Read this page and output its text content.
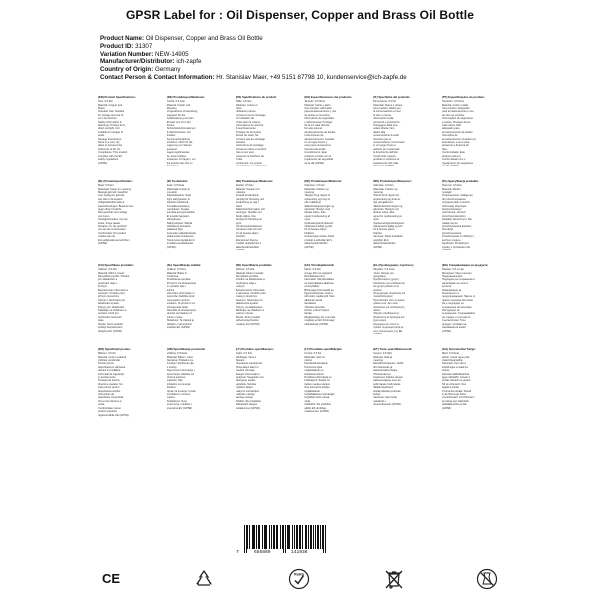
GPSR Label for : Oil Dispenser, Copper and Brass Oil Bottle
Product Name: Oil Dispenser, Copper and Brass Oil Bottle
Product ID: 31307
Variation Number: NEW-14905
Manufacturer/Distributor: ich-zapfe
Country of Origin: Germany
Contact Person & Contact Information: Hr. Stanislav Maer, +49 5151 87798 10, kundenservice@ich-zapfe.de
(EN) Product Specifications:
Size: 0.5 liter
Material: Copper and
Brass
Intended Use: Suitable
for storage and use of
oil in the kitchen.
Safety Information &
Warnings: Product from
direct sunlight. Not
suitable for storage of
acids.
Storage Instructions:
Store in a cool, dry
place to preserve the
freshness of the oil.
Compliance: This product
complies with the EU
safety regulations
(GPSR).
(DE) Produktspezifikationen:
Größe: 0,5 Liter
Material: Kupfer und
Messing
Vorgesehene Verwendung:
Geeignet für die
Aufbewahrung und den
Einsatz von Öl in der
Küche.
Sicherheitsinformationen
& Warnhinweise: Vor
direkter
Sonneneinstrahlung
schützen. Nicht für die
Lagerung von Säuren
geeignet.
Lagerungshinweise:
An einem kühlen,
trockenen Ort lagern, um
die Frische des Öls zu
(FR) Spécifications du produit:
Taille: 0,5 litre
Matériau: Cuivre et
laiton
Utilisation prévue:
Convient pour le stockage
et l'utilisation de
l'huile dans la cuisine.
Informations de sécurité
& avertissements:
Protéger de la lumière
directe du soleil. Ne
convient pas au stockage
d'acides.
Instructions de stockage:
Conserver dans un endroit
frais et sec pour
préserver la fraîcheur de
l'huile.
Conformité: Ce produit
(ES) Especificaciones del producto:
Tamaño: 0,5 litros
Material: Cobre y latón
Uso previsto: Adecuado
para almacenamiento y uso
de aceite en la cocina.
Información de seguridad
y advertencias: Proteger
de la luz solar directa.
No apto para el
almacenamiento de ácidos.
Instrucciones de
almacenamiento: Guardar
en un lugar fresco y
seco para conservar la
frescura del aceite.
Cumplimiento: Este
producto cumple con el
reglamento de seguridad
de la UE (GPSR).
(IT) Specifiche del prodotto:
Dimensione: 0,5 litri
Materiale: Rame e ottone
Uso previsto: Adatto per
la conservazione e l'uso
di olio in cucina.
Informazioni sulla
sicurezza e avvertenze:
Proteggere dalla luce
solare diretta. Non
adatto alla
conservazione di acidi.
Istruzioni per la
conservazione: Conservare
in un luogo fresco e
asciutto per preservare
la freschezza dell'olio.
Conformità: Questo
prodotto è conforme al
regolamento UE sulla
(PT) Especificações do produto:
Tamanho: 0,5 litros
Material: Cobre e latão
Uso previsto: Adequado
para armazenamento e uso
de óleo na cozinha.
Informações de segurança
e avisos: Proteger da luz
solar direta. Não
adequado para
armazenamento de ácidos.
Instruções de
armazenamento: Guardar em
local fresco e seco para
preservar a frescura do
óleo.
Conformidade: Este
produto está em
conformidade com o
regulamento de segurança
(NL) Productspecificaties:
Maat: 0,5 liter
Materiaal: Koper en messing
Beoogd gebruik: Geschikt
voor opslag en gebruik
van olie in de keuken.
Veiligheidsinformatie &
waarschuwingen: Beschermen
tegen direct zonlicht.
Niet geschikt voor opslag
van zuren.
Opslaginstructies: Op een
koele, droge plaats
bewaren om de versheid
van de olie te behouden.
Conformiteit: Dit product
voldoet aan de
EU-veiligheidsvoorschriften
(GPSR).
(FI) Tuotetiedot:
Koko: 0,5 litraa
Materiaali: Kupari ja
messinki
Käyttötarkoitus: Sopii
öljyn säilytykseen ja
käyttöön keittiössä.
Turvallisuustiedot ja
varoitukset: Suojaa
suoralta auringonvalolta.
Ei sovellu happojen
säilytykseen.
Säilytysohjeet: Säilytä
viileässä ja kuivassa
paikassa öljyn
tuoreuden säilyttämiseksi.
Vaatimustenmukaisuus:
Tämä tuote täyttää EU:n
turvallisuusmääräykset
(GPSR).
(SE) Produktspecifikationer:
Storlek: 0,5 liter
Material: Koppar och
mässing
Avsedd användning:
Lämplig för förvaring och
användning av olja i
köket.
Säkerhetsinformation och
varningar: Skydda mot
direkt solljus. Inte
lämplig för förvaring av
syror.
Förvaringsinstruktioner:
Förvaras svalt och torrt
för att bevara oljans
fräschör.
Efterlevnad: Denna
produkt uppfyller EU:s
säkerhetsföreskrifter
(DK) Produktspecifikationer:
Størrelse: 0,5 liter
Materiale: Kobber og
messing
Tilsigtet brug: Egnet til
opbevaring og brug af
olie i køkkenet.
Sikkerhedsoplysninger og
advarsler: Beskyt mod
direkte sollys. Ikke
egnet til opbevaring af
syrer.
Opbevaringsinstruktioner:
Opbevares køligt og tørt
for at bevare oliens
friskhed.
Overensstemmelse: Dette
produkt overholder EU's
sikkerhedsforskrifter
(GPSR).
(NO) Produktspesifikasjoner:
Størrelse: 0,5 liter
Materiale: Kobber og
messing
Tiltenkt bruk: Egnet for
oppbevaring og bruk av
olje på kjøkkenet.
Sikkerhetsinformasjon og
advarsler: Beskytt mot
direkte sollys. Ikke
egnet for oppbevaring av
syrer.
Oppbevaringsinstruksjoner:
Oppbevares kjølig og tørt
for å bevare oljens
friskhet.
Samsvar: Dette produktet
oppfyller EUs
sikkerhetsforskrifter
(GPSR).
(PL) Specyfikacja produktu:
Rozmiar: 0,5 litra
Materiał: Miedź i
mosiądz
Przeznaczenie: Nadaje się
do przechowywania i
używania oleju w kuchni.
Informacje dotyczące
bezpieczeństwa i
ostrzeżenia: Chronić
przed bezpośrednim
światłem słonecznym. Nie
nadaje się do
przechowywania kwasów.
Instrukcje
przechowywania:
Przechowywać w chłodnym,
suchym miejscu.
Zgodność: Produkt jest
zgodny z przepisami UE
(CS) Specifikace produktu:
Velikost: 0,5 litru
Materiál: Měď a mosaz
Zamýšlené použití: Vhodné
pro skladování a
používání oleje v
kuchyni.
Bezpečnostní informace a
varování: Chraňte před
přímým slunečním
zářením. Nevhodné pro
skladování kyselin.
Pokyny pro skladování:
Skladujte na chladném a
suchém místě pro
zachování čerstvosti
oleje.
Shoda: Tento produkt
splňuje bezpečnostní
předpisy EU (GPSR).
(SL) Specifikacije izdelka:
Velikost: 0,5 litra
Material: Baker in
medenina
Predvidena uporaba:
Primerno za shranjevanje
in uporabo olja v
kuhinji.
Varnostne informacije in
opozorila: Zaščitite pred
neposredno sončno
svetlobo. Ni primerno za
shranjevanje kislin.
Navodila za shranjevanje:
Hranite na hladnem in
suhem mestu.
Skladnost: Ta izdelek je
skladen z varnostnimi
predpisi EU (GPSR).
(SK) Špecifikácia produktu:
Veľkosť: 0,5 litra
Materiál: Meď a mosadz
Zamýšľané použitie:
Vhodné na skladovanie a
používanie oleja v
kuchyni.
Bezpečnostné informácie
a varovania: Chráňte pred
priamym slnečným
žiarením. Nevhodné na
skladovanie kyselín.
Pokyny na skladovanie:
Skladujte na chladnom a
suchom mieste.
Zhoda: Tento produkt
spĺňa bezpečnostné
predpisy EÚ (GPSR).
(HU) Termékjellemzők:
Méret: 0,5 liter
Anyag: Réz és sárgaréz
Rendeltetésszerű
használat: Olaj tárolására
és használatára alkalmas
a konyhában.
Biztonsági információk és
figyelmeztetések: Óvja a
közvetlen napfénytől. Nem
alkalmas savak
tárolására.
Tárolási útmutató:
Hűvös, száraz helyen
tárolja.
Megfelelőség: Ez a termék
megfelel az EU biztonsági
előírásainak (GPSR).
(EL) Προδιαγραφές προϊόντος:
Μέγεθος: 0,5 λίτρα
Υλικό: Χαλκός και
ορείχαλκος
Προβλεπόμενη χρήση:
Κατάλληλο για αποθήκευση
και χρήση λαδιού στην
κουζίνα.
Πληροφορίες ασφαλείας και
προειδοποιήσεις:
Προστατέψτε από το άμεσο
ηλιακό φως. Δεν είναι
κατάλληλο για αποθήκευση
οξέων.
Οδηγίες αποθήκευσης:
Φυλάσσετε σε δροσερό και
ξηρό μέρος.
Συμμόρφωση: Αυτό το
προϊόν συμμορφώνεται με
τους κανονισμούς της ΕΕ
(BG) Спецификации на продукта:
Размер: 0,5 литра
Материал: Мед и месинг
Предназначение:
Подходящ за съхранение и
използване на олио в
кухнята.
Информация за
безопасност и
предупреждения: Пазете от
пряка слънчева светлина.
Не е подходящ за
съхранение на киселини.
Инструкции за
съхранение: Съхранявайте
на хладно и сухо място.
Съответствие: Този
продукт отговаря на
изискванията на ЕС
(GPSR).
(RO) Specificații produs:
Mărime: 0,5 litri
Material: Cupru și alamă
Utilizare prevăzută:
Potrivit pentru
depozitarea și utilizarea
uleiului în bucătărie.
Informații de siguranță
și avertismente:
Protejați de lumina
directă a soarelui. Nu
este potrivit pentru
depozitarea acizilor.
Instrucțiuni de
depozitare: Depozitați
într-un loc răcoros și
uscat.
Conformitate: Acest
produs respectă
reglementările UE (GPSR).
(HR) Specifikacija proizvoda:
Veličina: 0,5 litara
Materijal: Bakar i mjed
Namjena: Prikladno za
čuvanje i korištenje ulja
u kuhinji.
Sigurnosne informacije i
upozorenja: Zaštitite od
izravne sunčeve
svjetlosti. Nije
prikladno za čuvanje
kiselina.
Upute za čuvanje: Čuvati
na hladnom i suhom
mjestu.
Sukladnost: Ovaj
proizvod je u skladu s
propisima EU (GPSR).
(LT) Produkto specifikacijos:
Dydis: 0,5 litro
Medžiaga: Varis ir
žalvaris
Numatytas naudojimas:
Tinka aliejui laikyti ir
naudoti virtuvėje.
Saugos informacija ir
įspėjimai: Saugokite nuo
tiesioginių saulės
spindulių. Netinka
rūgštims laikyti.
Laikymo instrukcijos:
Laikykite vėsioje,
sausoje vietoje.
Atitiktis: Šis produktas
atitinka ES saugos
reikalavimus (GPSR).
(LV) Produkta specifikācijas:
Izmērs: 0,5 litri
Materiāls: Varš un
misiņš
Paredzētā lietošana:
Piemērots eļļas
uzglabāšanai un
lietošanai virtuvē.
Drošības informācija un
brīdinājumi: Sargāt no
tiešiem saules stariem.
Nav piemērots skābju
uzglabāšanai.
Uzglabāšanas instrukcijas:
Uzglabāt vēsā, sausā
vietā.
Atbilstība: Šis produkts
atbilst ES drošības
noteikumiem (GPSR).
(ET) Toote spetsifikatsioonid:
Suurus: 0,5 liitrit
Materjal: Vask ja
messing
Ettenähtud kasutus: Sobib
õli hoidmiseks ja
kasutamiseks köögis.
Ohutusteave ja
hoiatused: Kaitske otsese
päikesevalguse eest. Ei
sobi hapete hoidmiseks.
Säilitamisjuhised:
Hoida jahedas ja kuivas
kohas.
Vastavus: See toode
vastab EL-i
ohutusnõuetele (GPSR).
(GA) Sonraíochtaí Táirge:
Méid: 0,5 lítear
Ábhar: Copar agus prás
Úsáid bheartaithe:
Oiriúnach chun ola a
stóráil agus a úsáid sa
chistin.
Faisnéis sábháilteachta
agus rabhaidh: Cosain ó
sholas díreach na gréine.
Níl sé oiriúnach chun
aigéid a stóráil.
Treoracha stórála: Stóráil
in áit fhionnuar thirim.
Comhlíonadh: Comhlíonann
an táirge seo rialacháin
sábháilteachta an AE
(GPSR).
7	655889	141936
CE	RoHS
